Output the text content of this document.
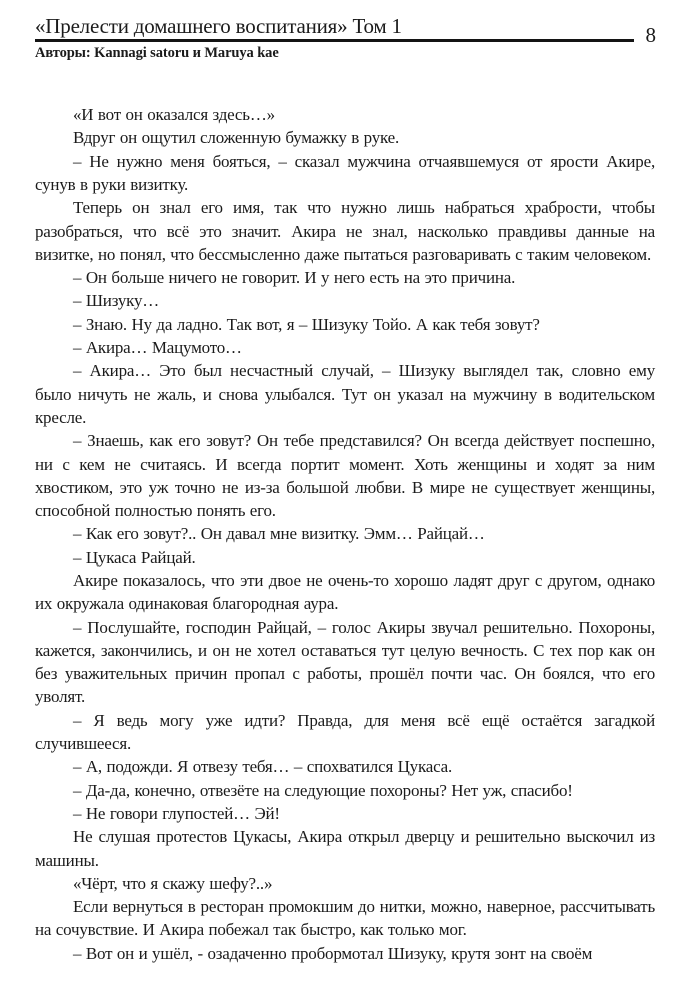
«Прелести домашнего воспитания» Том 1	8
Авторы: Kannagi satoru и Maruya kae

«И вот он оказался здесь…»

Вдруг он ощутил сложенную бумажку в руке.

– Не нужно меня бояться, – сказал мужчина отчаявшемуся от ярости Акире, сунув в руки визитку.

Теперь он знал его имя, так что нужно лишь набраться храбрости, чтобы разобраться, что всё это значит. Акира не знал, насколько правдивы данные на визитке, но понял, что бессмысленно даже пытаться разговаривать с таким человеком.

– Он больше ничего не говорит. И у него есть на это причина.

– Шизуку…

– Знаю. Ну да ладно. Так вот, я – Шизуку Тойо. А как тебя зовут?

– Акира… Мацумото…

– Акира… Это был несчастный случай, – Шизуку выглядел так, словно ему было ничуть не жаль, и снова улыбался. Тут он указал на мужчину в водительском кресле.

– Знаешь, как его зовут? Он тебе представился? Он всегда действует поспешно, ни с кем не считаясь. И всегда портит момент. Хоть женщины и ходят за ним хвостиком, это уж точно не из-за большой любви. В мире не существует женщины, способной полностью понять его.

– Как его зовут?.. Он давал мне визитку. Эмм… Райцай…

– Цукаса Райцай.

Акире показалось, что эти двое не очень-то хорошо ладят друг с другом, однако их окружала одинаковая благородная аура.

– Послушайте, господин Райцай, – голос Акиры звучал решительно. Похороны, кажется, закончились, и он не хотел оставаться тут целую вечность. С тех пор как он без уважительных причин пропал с работы, прошёл почти час. Он боялся, что его уволят.

– Я ведь могу уже идти? Правда, для меня всё ещё остаётся загадкой случившееся.

– А, подожди. Я отвезу тебя… – спохватился Цукаса.

– Да-да, конечно, отвезёте на следующие похороны? Нет уж, спасибо!

– Не говори глупостей… Эй!

Не слушая протестов Цукасы, Акира открыл дверцу и решительно выскочил из машины.

«Чёрт, что я скажу шефу?..»

Если вернуться в ресторан промокшим до нитки, можно, наверное, рассчитывать на сочувствие. И Акира побежал так быстро, как только мог.

– Вот он и ушёл, - озадаченно пробормотал Шизуку, крутя зонт на своём
